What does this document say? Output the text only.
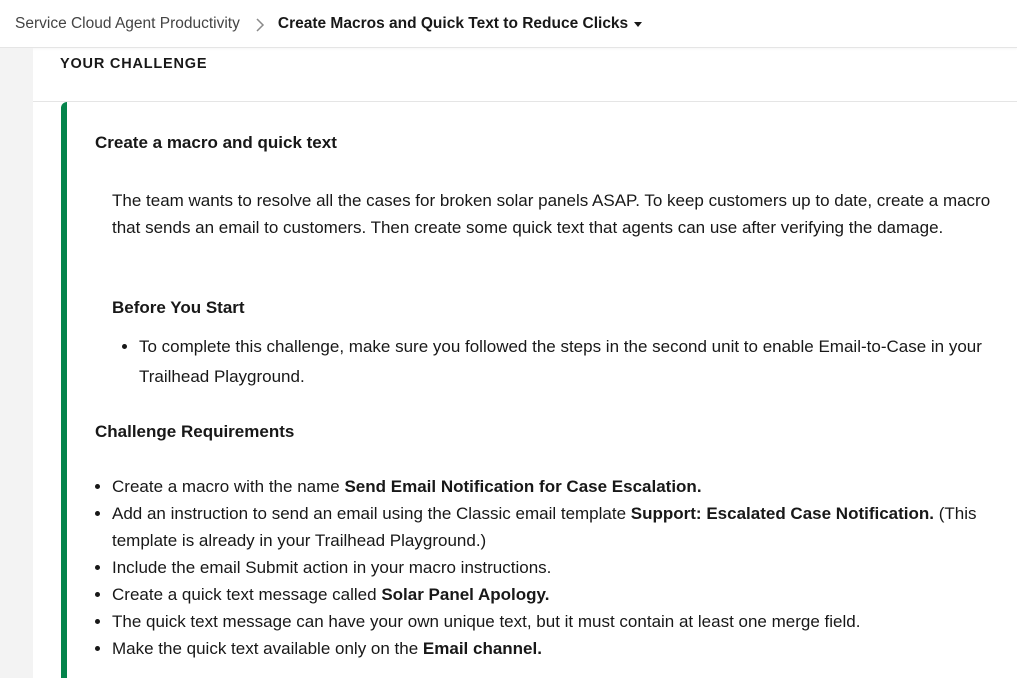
Service Cloud Agent Productivity Create Macros and Quick Text to Reduce Clicks
YOUR CHALLENGE
Create a macro and quick text

The team wants to resolve all the cases for broken solar panels ASAP. To keep customers up to date, create a macro that sends an email to customers. Then create some quick text that agents can use after verifying the damage.

Before You Start
• To complete this challenge, make sure you followed the steps in the second unit to enable Email-to-Case in your Trailhead Playground.
Challenge Requirements
• Create a macro with the name Send Email Notification for Case Escalation.
• Add an instruction to send an email using the Classic email template Support: Escalated Case Notification. (This template is already in your Trailhead Playground.)
• Include the email Submit action in your macro instructions.
• Create a quick text message called Solar Panel Apology.
• The quick text message can have your own unique text, but it must contain at least one merge field.
• Make the quick text available only on the Email channel.
